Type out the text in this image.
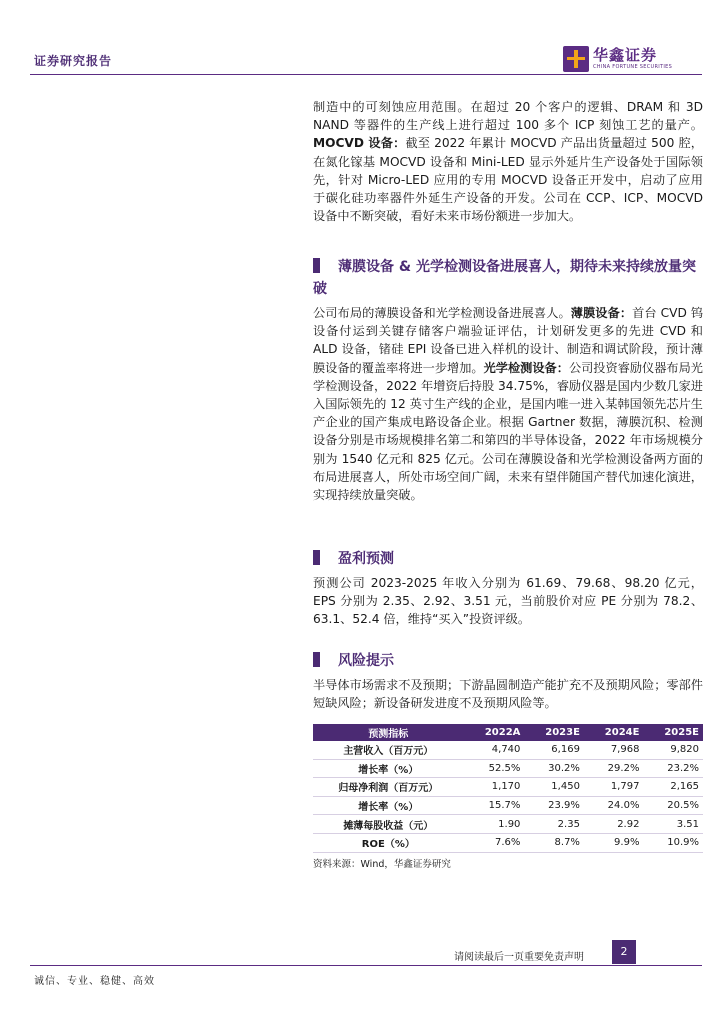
证券研究报告	华鑫证券
CHINA FORTUNE SECURITIES

制造中的可刻蚀应用范围。在超过 20 个客户的逻辑、DRAM 和 3D NAND 等器件的生产线上进行超过 100 多个 ICP 刻蚀工艺的量产。MOCVD 设备：截至 2022 年累计 MOCVD 产品出货量超过 500 腔，在氮化镓基 MOCVD 设备和 Mini-LED 显示外延片生产设备处于国际领先，针对 Micro-LED 应用的专用 MOCVD 设备正开发中，启动了应用于碳化硅功率器件外延生产设备的开发。公司在 CCP、ICP、MOCVD 设备中不断突破，看好未来市场份额进一步加大。

薄膜设备 & 光学检测设备进展喜人，期待未来持续放量突破

公司布局的薄膜设备和光学检测设备进展喜人。薄膜设备：首台 CVD 钨设备付运到关键存储客户端验证评估，计划研发更多的先进 CVD 和 ALD 设备，锗硅 EPI 设备已进入样机的设计、制造和调试阶段，预计薄膜设备的覆盖率将进一步增加。光学检测设备：公司投资睿励仪器布局光学检测设备，2022 年增资后持股 34.75%，睿励仪器是国内少数几家进入国际领先的 12 英寸生产线的企业，是国内唯一进入某韩国领先芯片生产企业的国产集成电路设备企业。根据 Gartner 数据，薄膜沉积、检测设备分别是市场规模排名第二和第四的半导体设备，2022 年市场规模分别为 1540 亿元和 825 亿元。公司在薄膜设备和光学检测设备两方面的布局进展喜人，所处市场空间广阔，未来有望伴随国产替代加速化演进，实现持续放量突破。

盈利预测

预测公司 2023-2025 年收入分别为 61.69、79.68、98.20 亿元，EPS 分别为 2.35、2.92、3.51 元，当前股价对应 PE 分别为 78.2、63.1、52.4 倍，维持“买入”投资评级。

风险提示

半导体市场需求不及预期；下游晶圆制造产能扩充不及预期风险；零部件短缺风险；新设备研发进度不及预期风险等。

预测指标	2022A	2023E	2024E	2025E
主营收入（百万元）	4,740	6,169	7,968	9,820
增长率（%）	52.5%	30.2%	29.2%	23.2%
归母净利润（百万元）	1,170	1,450	1,797	2,165
增长率（%）	15.7%	23.9%	24.0%	20.5%
摊薄每股收益（元）	1.90	2.35	2.92	3.51
ROE（%）	7.6%	8.7%	9.9%	10.9%
资料来源：Wind，华鑫证券研究
请阅读最后一页重要免责声明	2
诚信、专业、稳健、高效
